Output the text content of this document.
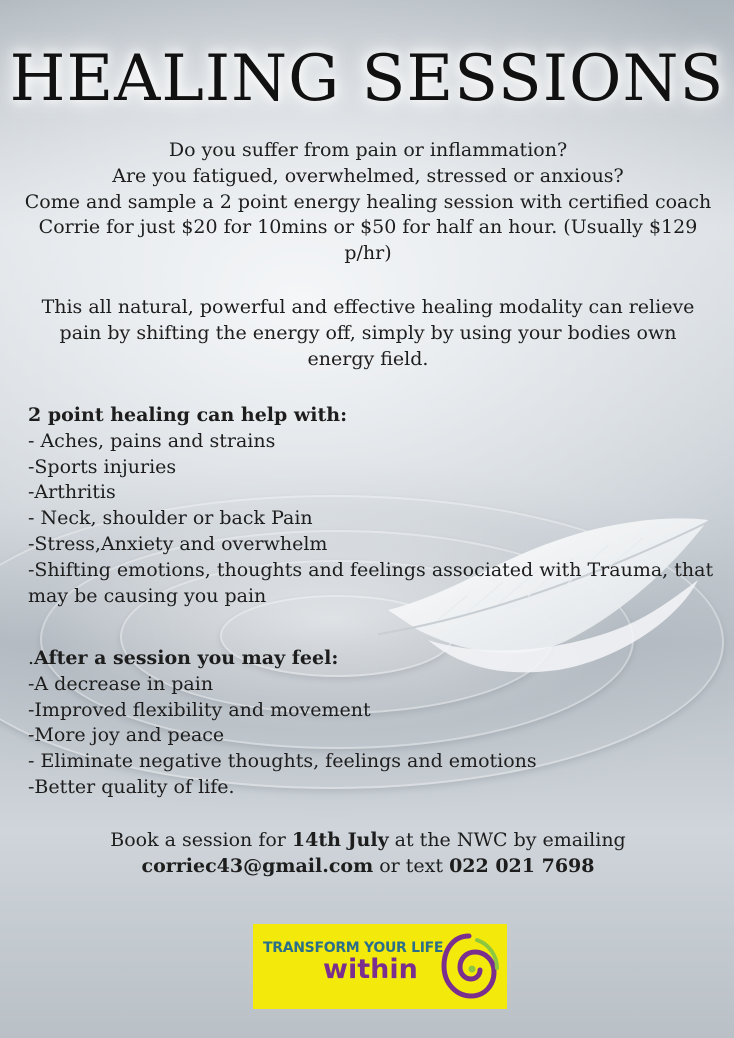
HEALING SESSIONS
Do you suffer from pain or inflammation?
Are you fatigued, overwhelmed, stressed or anxious?
Come and sample a 2 point energy healing session with certified coach Corrie for just $20 for 10mins or $50 for half an hour. (Usually $129 p/hr)
This all natural, powerful and effective healing modality can relieve pain by shifting the energy off, simply by using your bodies own energy field.
2 point healing can help with:
- Aches, pains and strains
-Sports injuries
-Arthritis
- Neck, shoulder or back Pain
-Stress,Anxiety and overwhelm
-Shifting emotions, thoughts and feelings associated with Trauma, that may be causing you pain
.After a session you may feel:
-A decrease in pain
-Improved flexibility and movement
-More joy and peace
- Eliminate negative thoughts, feelings and emotions
-Better quality of life.
Book a session for 14th July at the NWC by emailing
corriec43@gmail.com or text 022 021 7698
TRANSFORM YOUR LIFE
within
